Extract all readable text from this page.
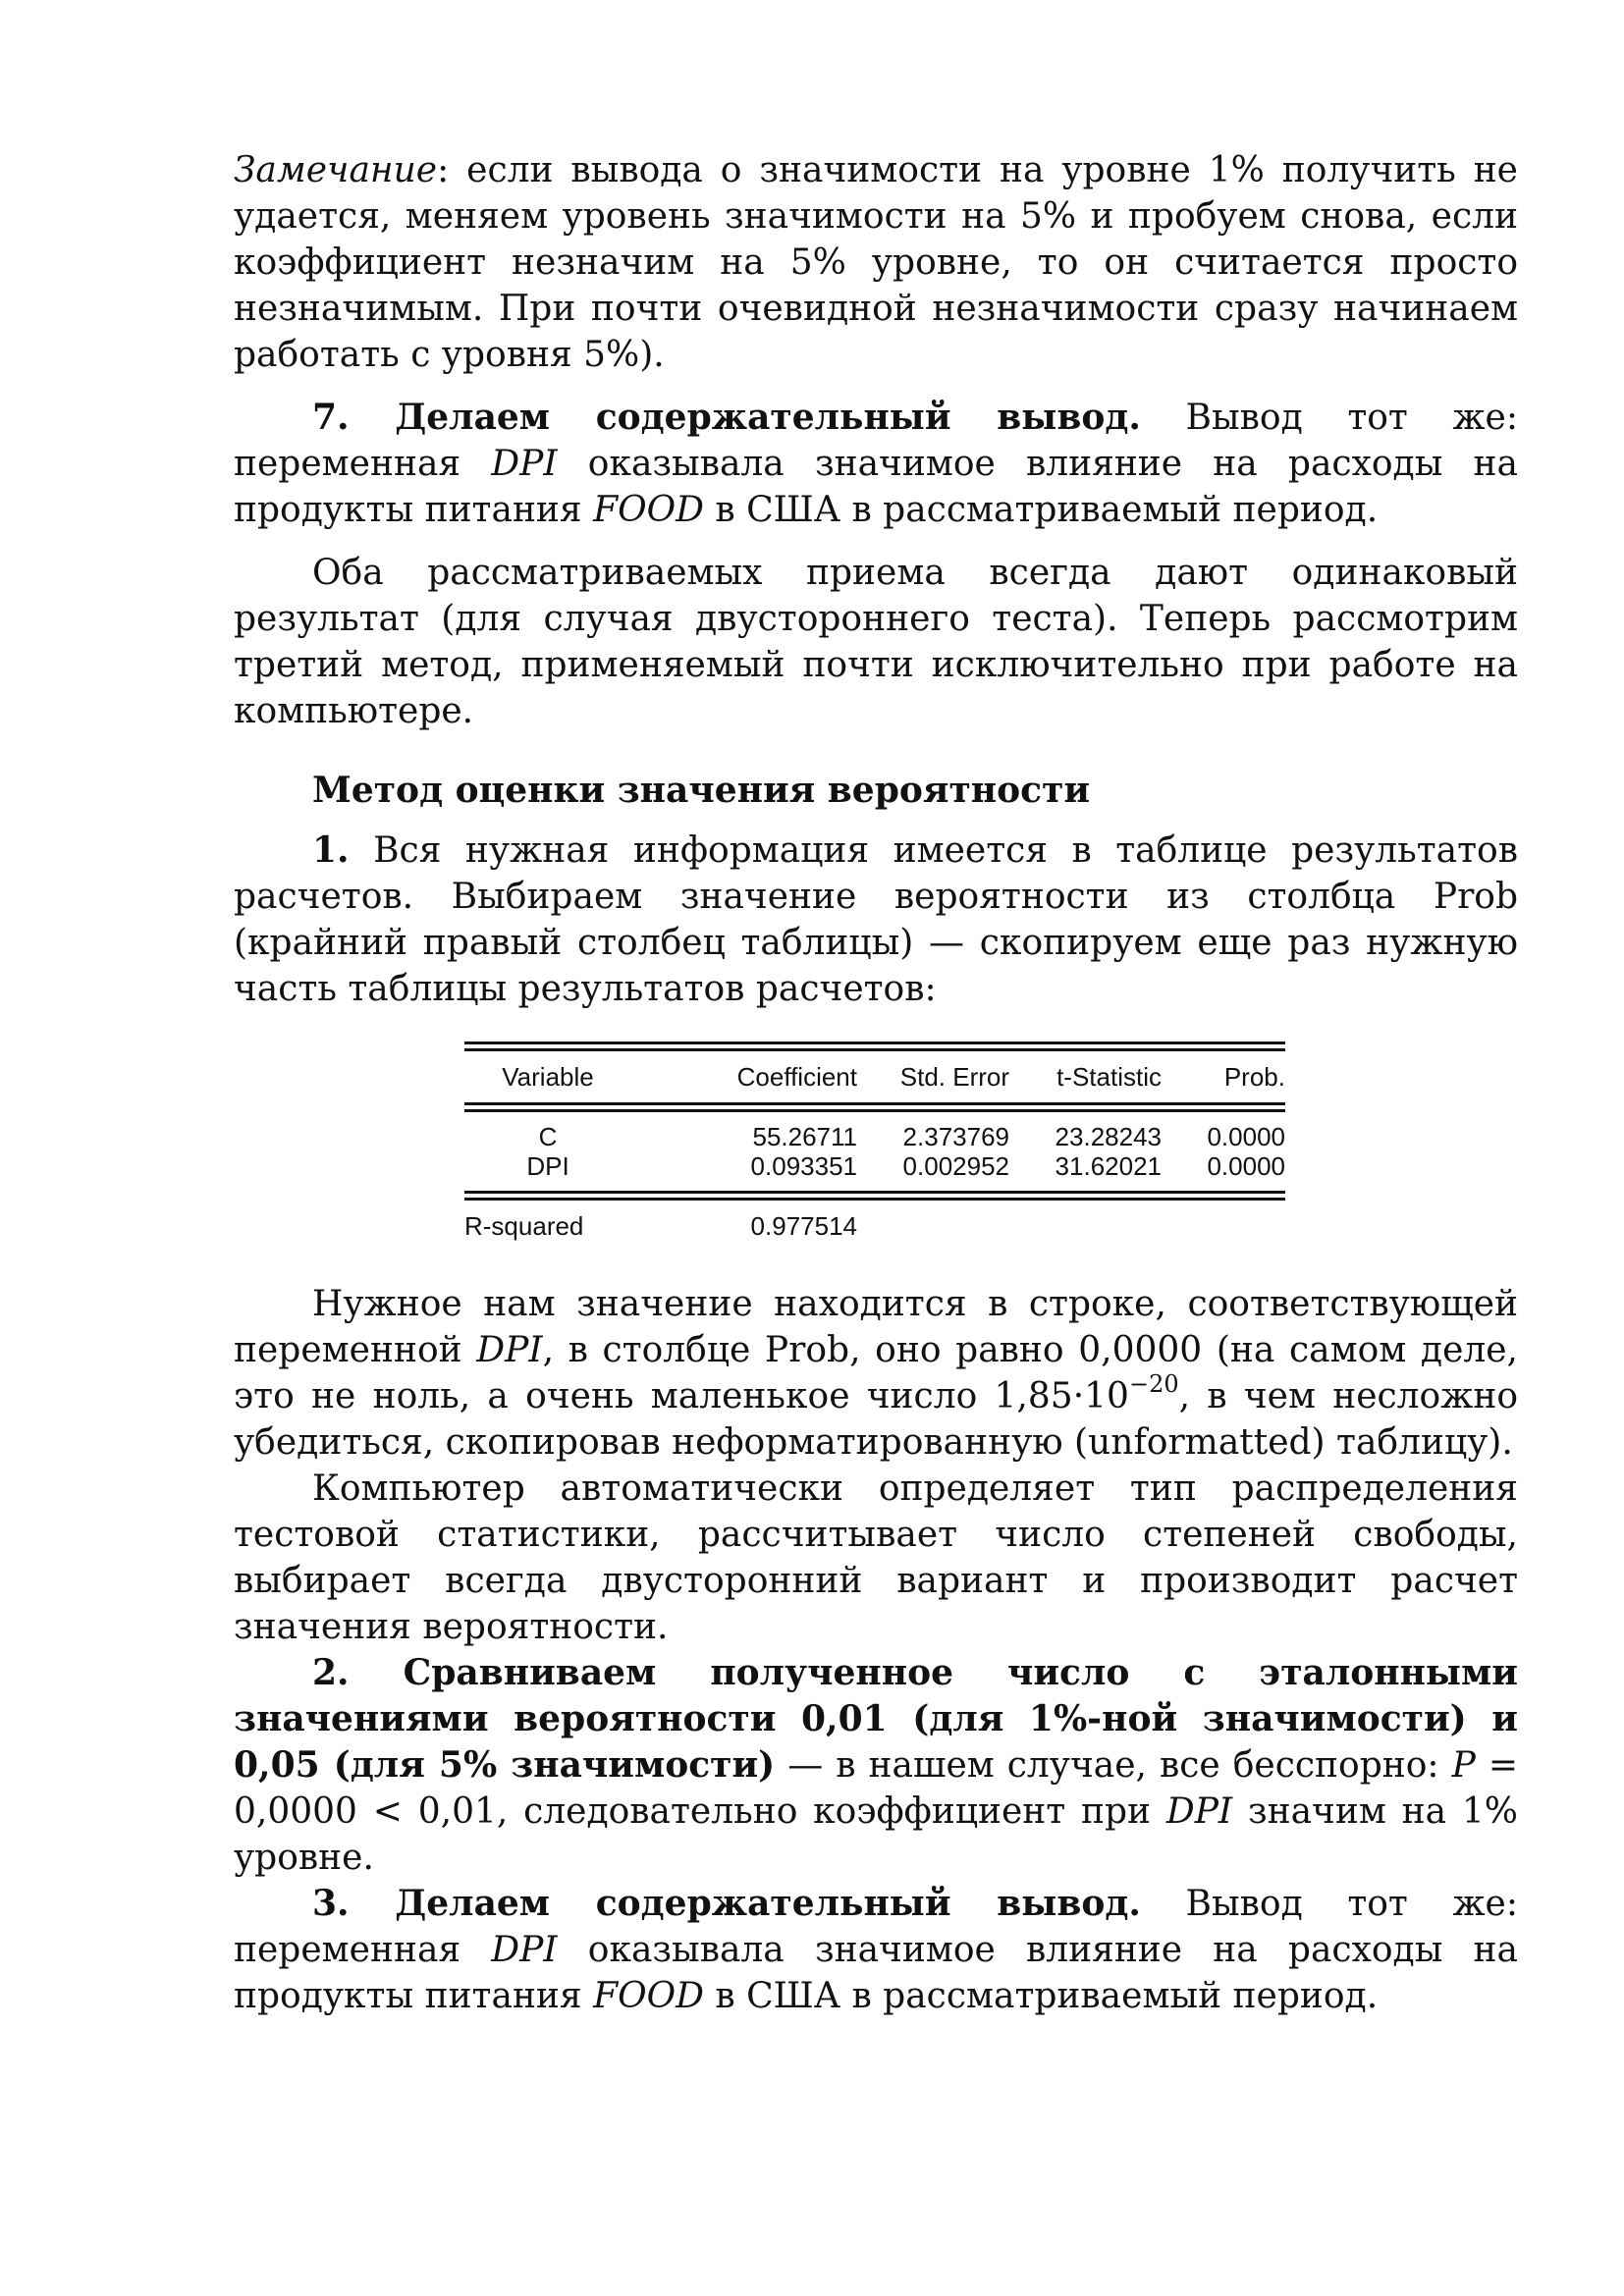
Замечание: если вывода о значимости на уровне 1% получить не удается, меняем уровень значимости на 5% и пробуем снова, если коэффициент незначим на 5% уровне, то он считается просто незначимым. При почти очевидной незначимости сразу начинаем работать с уровня 5%).

7. Делаем содержательный вывод. Вывод тот же: переменная DPI оказывала значимое влияние на расходы на продукты питания FOOD в США в рассматриваемый период.

Оба рассматриваемых приема всегда дают одинаковый результат (для случая двустороннего теста). Теперь рассмотрим третий метод, применяемый почти исключительно при работе на компьютере.

Метод оценки значения вероятности

1. Вся нужная информация имеется в таблице результатов расчетов. Выбираем значение вероятности из столбца Prob (крайний правый столбец таблицы) — скопируем еще раз нужную часть таблицы результатов расчетов:

Variable	Coefficient	Std. Error	t-Statistic	Prob.
C	55.26711	2.373769	23.28243	0.0000
DPI	0.093351	0.002952	31.62021	0.0000
R-squared	0.977514

Нужное нам значение находится в строке, соответствующей переменной DPI, в столбце Prob, оно равно 0,0000 (на самом деле, это не ноль, а очень маленькое число $1,85\cdot 10^{-20}$, в чем несложно убедиться, скопировав неформатированную (unformatted) таблицу).

Компьютер автоматически определяет тип распределения тестовой статистики, рассчитывает число степеней свободы, выбирает всегда двусторонний вариант и производит расчет значения вероятности.

2. Сравниваем полученное число с эталонными значениями вероятности 0,01 (для 1%-ной значимости) и 0,05 (для 5% значимости) — в нашем случае, все бесспорно: P = 0,0000 < 0,01, следовательно коэффициент при DPI значим на 1% уровне.

3. Делаем содержательный вывод. Вывод тот же: переменная DPI оказывала значимое влияние на расходы на продукты питания FOOD в США в рассматриваемый период.
